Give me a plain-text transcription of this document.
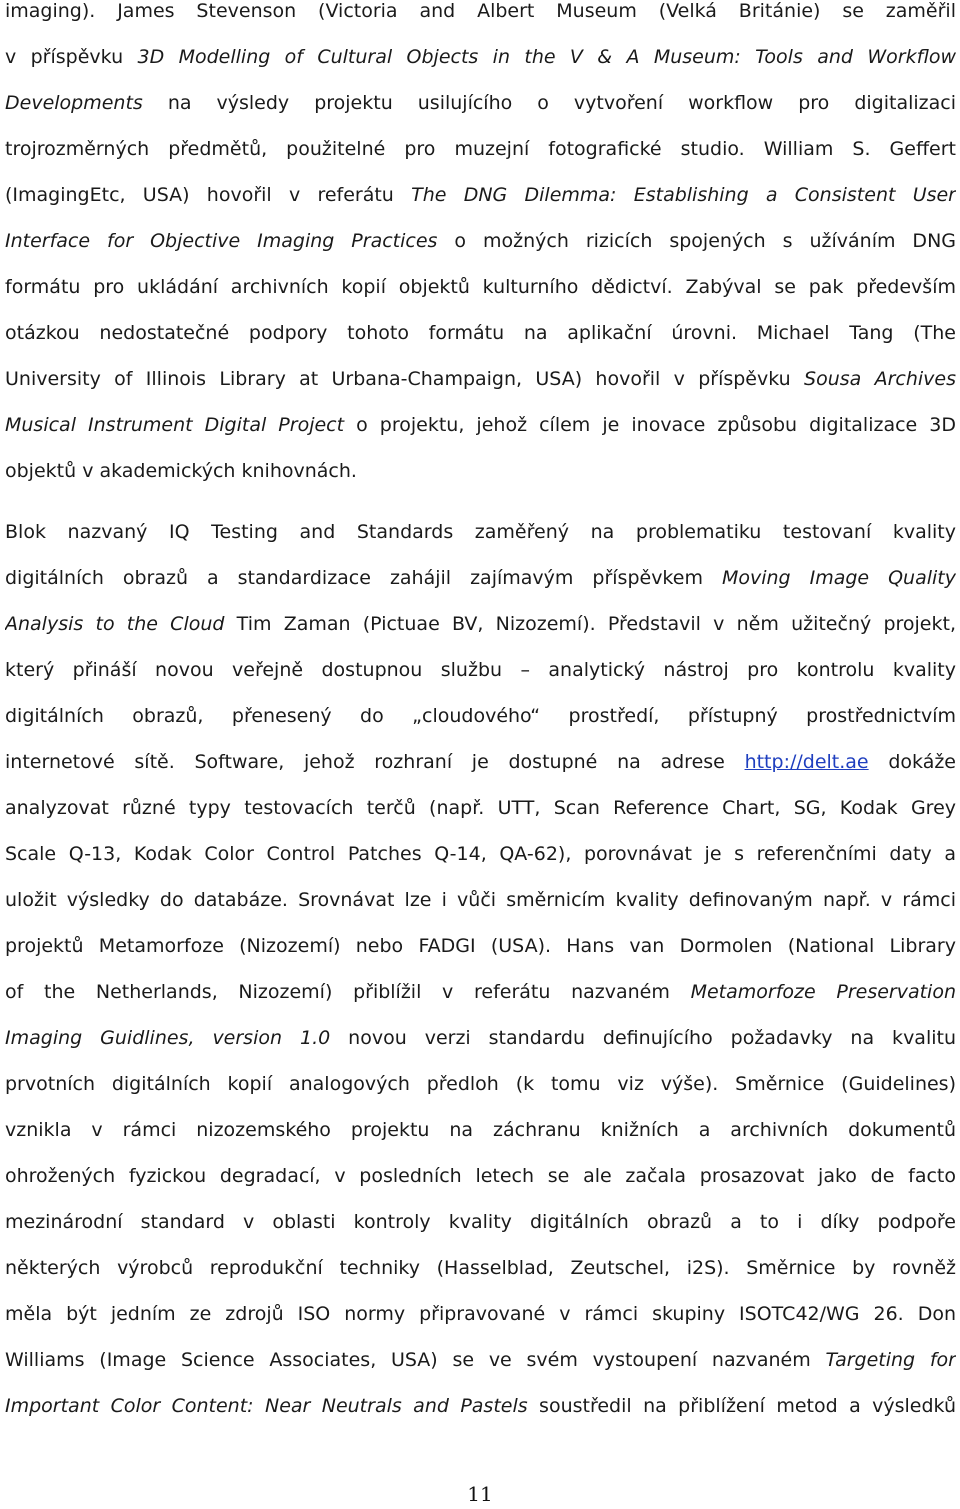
imaging). James Stevenson (Victoria and Albert Museum (Velká Británie) se zaměřil
v příspěvku 3D Modelling of Cultural Objects in the V & A Museum: Tools and Workflow
Developments na výsledy projektu usilujícího o vytvoření workflow pro digitalizaci
trojrozměrných předmětů, použitelné pro muzejní fotografické studio. William S. Geffert
(ImagingEtc, USA) hovořil v referátu The DNG Dilemma: Establishing a Consistent User
Interface for Objective Imaging Practices o možných rizicích spojených s užíváním DNG
formátu pro ukládání archivních kopií objektů kulturního dědictví. Zabýval se pak především
otázkou nedostatečné podpory tohoto formátu na aplikační úrovni. Michael Tang (The
University of Illinois Library at Urbana-Champaign, USA) hovořil v příspěvku Sousa Archives
Musical Instrument Digital Project o projektu, jehož cílem je inovace způsobu digitalizace 3D
objektů v akademických knihovnách.

Blok nazvaný IQ Testing and Standards zaměřený na problematiku testovaní kvality
digitálních obrazů a standardizace zahájil zajímavým příspěvkem Moving Image Quality
Analysis to the Cloud Tim Zaman (Pictuae BV, Nizozemí). Představil v něm užitečný projekt,
který přináší novou veřejně dostupnou službu – analytický nástroj pro kontrolu kvality
digitálních obrazů, přenesený do „cloudového“ prostředí, přístupný prostřednictvím
internetové sítě. Software, jehož rozhraní je dostupné na adrese http://delt.ae dokáže
analyzovat různé typy testovacích terčů (např. UTT, Scan Reference Chart, SG, Kodak Grey
Scale Q-13, Kodak Color Control Patches Q-14, QA-62), porovnávat je s referenčními daty a
uložit výsledky do databáze. Srovnávat lze i vůči směrnicím kvality definovaným např. v rámci
projektů Metamorfoze (Nizozemí) nebo FADGI (USA). Hans van Dormolen (National Library
of the Netherlands, Nizozemí) přiblížil v referátu nazvaném Metamorfoze Preservation
Imaging Guidlines, version 1.0 novou verzi standardu definujícího požadavky na kvalitu
prvotních digitálních kopií analogových předloh (k tomu viz výše). Směrnice (Guidelines)
vznikla v rámci nizozemského projektu na záchranu knižních a archivních dokumentů
ohrožených fyzickou degradací, v posledních letech se ale začala prosazovat jako de facto
mezinárodní standard v oblasti kontroly kvality digitálních obrazů a to i díky podpoře
některých výrobců reprodukční techniky (Hasselblad, Zeutschel, i2S). Směrnice by rovněž
měla být jedním ze zdrojů ISO normy připravované v rámci skupiny ISOTC42/WG 26. Don
Williams (Image Science Associates, USA) se ve svém vystoupení nazvaném Targeting for
Important Color Content: Near Neutrals and Pastels soustředil na přiblížení metod a výsledků

11
